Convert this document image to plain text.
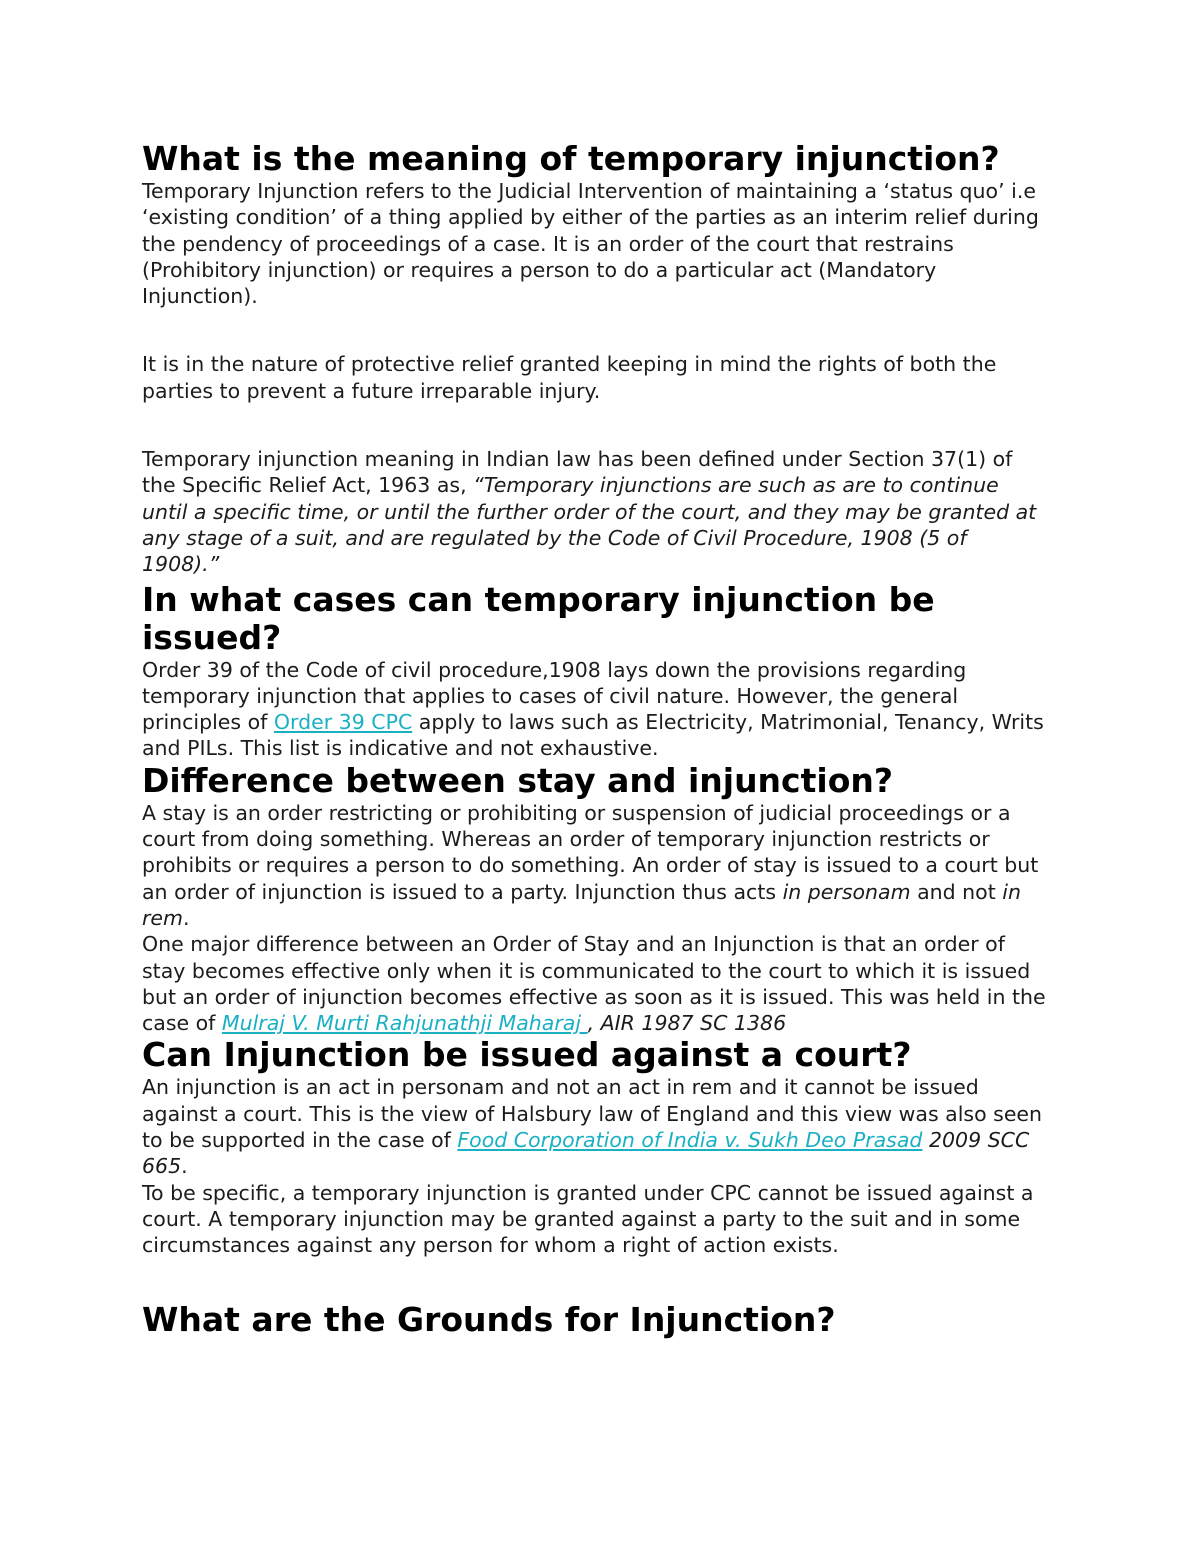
What is the meaning of temporary injunction?

Temporary Injunction refers to the Judicial Intervention of maintaining a ‘status quo’ i.e ‘existing condition’ of a thing applied by either of the parties as an interim relief during the pendency of proceedings of a case. It is an order of the court that restrains (Prohibitory injunction) or requires a person to do a particular act (Mandatory Injunction).

It is in the nature of protective relief granted keeping in mind the rights of both the parties to prevent a future irreparable injury.

Temporary injunction meaning in Indian law has been defined under Section 37(1) of the Specific Relief Act, 1963 as, “Temporary injunctions are such as are to continue until a specific time, or until the further order of the court, and they may be granted at any stage of a suit, and are regulated by the Code of Civil Procedure, 1908 (5 of 1908).”

In what cases can temporary injunction be issued?

Order 39 of the Code of civil procedure,1908 lays down the provisions regarding temporary injunction that applies to cases of civil nature. However, the general principles of Order 39 CPC apply to laws such as Electricity, Matrimonial, Tenancy, Writs and PILs. This list is indicative and not exhaustive.

Difference between stay and injunction?

A stay is an order restricting or prohibiting or suspension of judicial proceedings or a court from doing something. Whereas an order of temporary injunction restricts or prohibits or requires a person to do something. An order of stay is issued to a court but an order of injunction is issued to a party. Injunction thus acts in personam and not in rem.

One major difference between an Order of Stay and an Injunction is that an order of stay becomes effective only when it is communicated to the court to which it is issued but an order of injunction becomes effective as soon as it is issued. This was held in the case of Mulraj V. Murti Rahjunathji Maharaj , AIR 1987 SC 1386

Can Injunction be issued against a court?

An injunction is an act in personam and not an act in rem and it cannot be issued against a court. This is the view of Halsbury law of England and this view was also seen to be supported in the case of Food Corporation of India v. Sukh Deo Prasad 2009 SCC 665.

To be specific, a temporary injunction is granted under CPC cannot be issued against a court. A temporary injunction may be granted against a party to the suit and in some circumstances against any person for whom a right of action exists.

What are the Grounds for Injunction?
